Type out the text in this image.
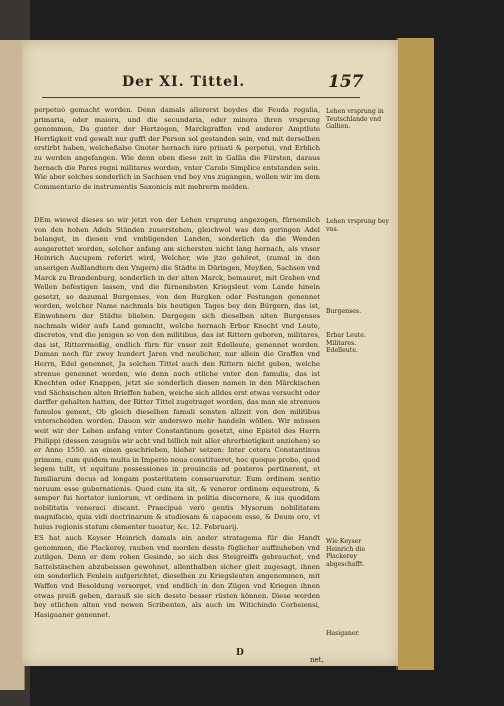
Der XI. Tittel.	157

perpetuò gemacht worden. Denn damals allererst beydes die Feuda regalia, primaria, oder maiora, und die secundaria, oder minora ihren vrsprung genommen, Da gunter der Hertzogen, Marckgraffen vnd anderer Amptlute Herrligkeit vnd gewalt nur gufft der Person sol gestanden sein, vnd mit derselben erstirbt haben, welcheßalso Gnoter hernach iure priuati & perpetui, vnd Erblich zu werden angefangen. Wie denn eben diese zeit in Gallia die Fürsten, daraus hernach die Pares regni militares worden, vnter Carolo Simplice entstanden sein. Wie aber solches sonderlich in Sachsen vnd bey vns zugangen, wollen wir im dem Commentario de instrumentis Saxonicis mit mehrerm melden.

DEm wiewol dieses so wir jetzt von der Lehen vrsprung angezogen, fürnemlich von den hohen Adels Ständen zuuerstehen, gleichwol was den geringen Adel belanget, in diesen vnd vmbligenden Landen, sonderlich da die Wenden ausgerottet worden, solcher anfang am sichersten nicht lang hernach, als vnser Heinrich Aucupem referirt wird, Welcher, wie jtzo gehöret, (zumal in den unserigen Außlandtern den Vngern) die Städte in Düringen, Meyßen, Sachsen vnd Marck zu Brandenburg, sonderlich in der alten Marck, bemauret, mit Graben vnd Wellen befestigen lassen, vnd die fürnembsten Kriegsleut vom Lande hinein gesetzt, so dazumal Burgenses, von den Burgken oder Festungen genennet worden, welcher Name nachmals bis heutigen Tages bey den Bürgern, das ist, Einwohnern der Städte blieben. Dargegen sich dieselben alten Burgenses nachmals wider aufs Land gemacht, welche hernach Erbar Knecht vnd Leute, discretos, vnd die jenigen so von den militibus, das ist Rittern geboren, militares, das ist, Ritterrmeßig, endlich fürn für vnser zeit Edelleute, genennet worden. Daman noch für zwey hundert Jaren vnd neulicher, nur allein die Graffen vnd Herrn, Edel genennet, Ja solchen Tittel auch den Rittern nicht geben, welche strenue genennet worden, wie denn auch etliche vnter den famulis, das ist Knechten oder Knappen, jetzt sie sonderlich diesen namen in den Märckischen vnd Sächsischen alten Brieffen haben, weiche sich alldes erst etwas versucht oder darffer gehalten hatten, der Ritter Tittel zugetraget worden, das man sie strenuos famulos genent, Ob gleich dieselben famuli sonsten allzeit von den militibus vnterscheiden worden. Dauon wir anderswo mehr handeln wöllen. Wir müssen weit wir der Lehen anfang vnter Constantinum gesetzt, eine Epistel des Herrn Philippi (dessen zeugnüs wir acht vnd billich mit aller ehrerbietigkeit anziehen) so er Anno 1550. an einen geschrieben, hieher setzen: Inter cetera Constantinus primum, cum quidem multa in Imperio noua constitueret, hoc quoque probo, quod legem tulit, vt equitum possessiones in prouinciis ad posteros pertinerent, et familiarum decus ad longam posteritatem conseruaretur. Eum ordinem sentio neruum esse gubernationis. Quod cum ita sit, & veneror ordinem equestrem, & semper fui hortator iuniorum, vt ordinem in politia discernere, & ius quoddam nobilitatis veneraci discant. Praecipuè verò gentis Mysorum nobilitatem magnifacio, quia vidi doctrinarum & studiosam & capacem esse, & Deum oro, vt huius regionis statum clementer tueatur, &c. 12. Februarij.

ES hat auch Keyser Heinrich damals ein ander stratagema für die Handt genommen, die Plackerey, rauben vnd morden dessto füglicher auffzuheben vnd zutilgen. Denn er dem rohen Gesinde, so sich des Steigreiffs gebrauchet, vnd Sattelstäschen abzubeissen gewohnet, allenthalben sicher gleit zugesagt, ihnen ein sonderlich Fenlein aufgerichtet, dieselben zu Kriegsleuten angenommen, mit Waffen vnd Besoldung versorget, vnd endlich in den Zügen vnd Kriegen ihnen etwas preiß geben, darauß sie sich dessto besser rüsten können. Diese werden bey etlichen alten vnd newen Scribenten, als auch im Witichindo Corbeiensi, Hasigaaner genennet.

Lehen vrsprung in Teutschlande vnd Gallien.
Lehen vrsprung bey vns.
Burgenses.
Erbar Leute. Militares. Edelleute.
Wie Keyser Heinrich die Plackerey abgeschafft.
Hasiganer.
D
net,
